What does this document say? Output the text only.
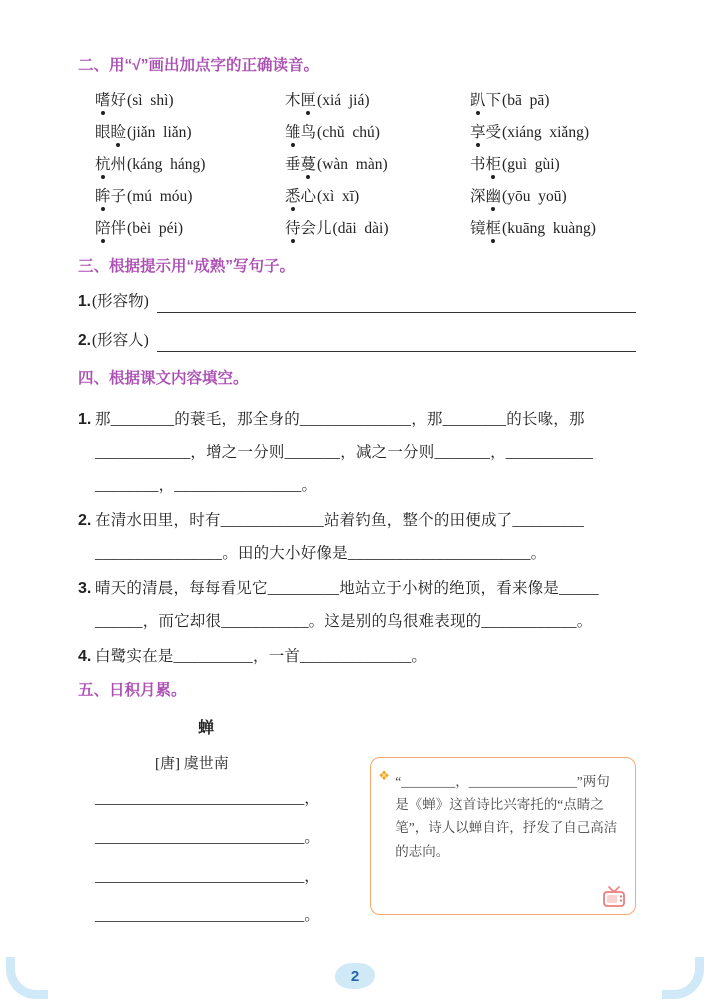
二、用“√”画出加点字的正确读音。
嗜好(sì  shì)	木匣(xiá  jiá)	趴下(bā  pā)
眼睑(jiǎn  liǎn)	雏鸟(chǔ  chú)	享受(xiáng  xiǎng)
杭州(káng  háng)	垂蔓(wàn  màn)	书柜(guì  gùi)
眸子(mú  móu)	悉心(xì  xī)	深幽(yōu  yoū)
陪伴(bèi  péi)	待会儿(dāi  dài)	镜框(kuāng  kuàng)
三、根据提示用“成熟”写句子。
1. (形容物)
2. (形容人)
四、根据课文内容填空。
1. 那________的蓑毛，那全身的______________，那________的长喙，那
____________，增之一分则_______，减之一分则_______，___________
________，________________。
2. 在清水田里，时有_____________站着钓鱼，整个的田便成了_________
________________。田的大小好像是_______________________。
3. 晴天的清晨，每每看见它_________地站立于小树的绝顶，看来像是_____
______，而它却很___________。这是别的鸟很难表现的____________。
4. 白鹭实在是__________，一首______________。
五、日积月累。
蝉
[唐] 虞世南
___________________________，
___________________________。
___________________________，
___________________________。
❖ “________，________________”两句是《蝉》这首诗比兴寄托的“点睛之笔”，诗人以蝉自许，抒发了自己高洁的志向。
2
